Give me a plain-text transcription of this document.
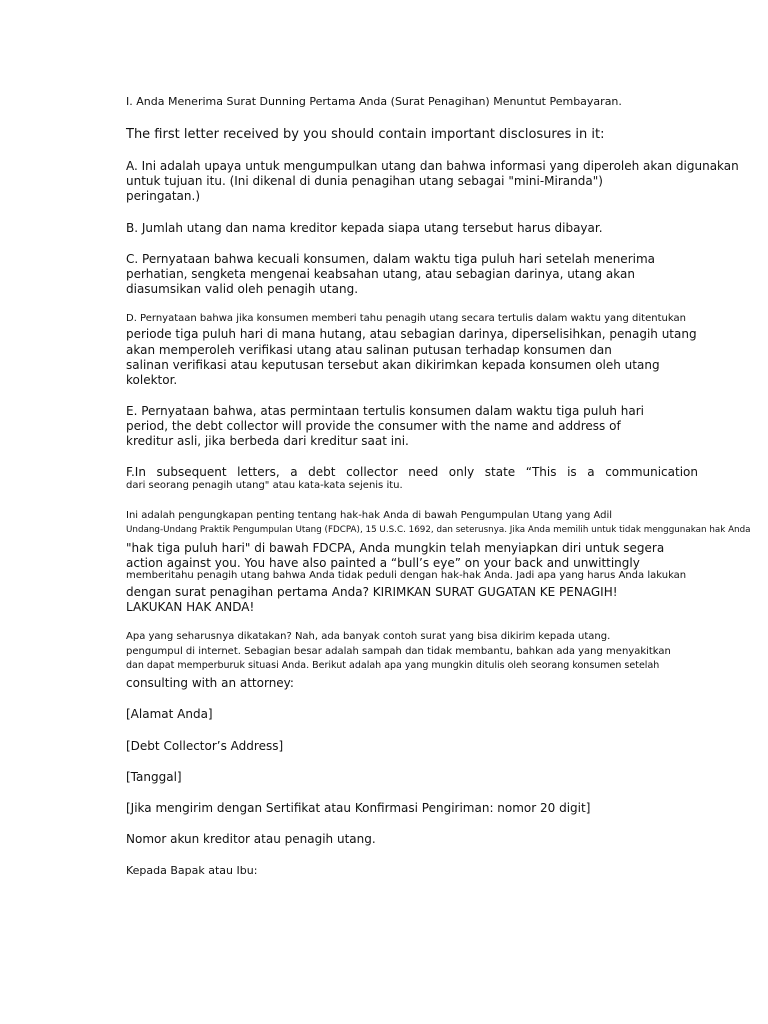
I. Anda Menerima Surat Dunning Pertama Anda (Surat Penagihan) Menuntut Pembayaran.

The first letter received by you should contain important disclosures in it:

A. Ini adalah upaya untuk mengumpulkan utang dan bahwa informasi yang diperoleh akan digunakan

untuk tujuan itu. (Ini dikenal di dunia penagihan utang sebagai "mini-Miranda")

peringatan.)

B. Jumlah utang dan nama kreditor kepada siapa utang tersebut harus dibayar.

C. Pernyataan bahwa kecuali konsumen, dalam waktu tiga puluh hari setelah menerima

perhatian, sengketa mengenai keabsahan utang, atau sebagian darinya, utang akan

diasumsikan valid oleh penagih utang.

D. Pernyataan bahwa jika konsumen memberi tahu penagih utang secara tertulis dalam waktu yang ditentukan

periode tiga puluh hari di mana hutang, atau sebagian darinya, diperselisihkan, penagih utang

akan memperoleh verifikasi utang atau salinan putusan terhadap konsumen dan

salinan verifikasi atau keputusan tersebut akan dikirimkan kepada konsumen oleh utang

kolektor.

E. Pernyataan bahwa, atas permintaan tertulis konsumen dalam waktu tiga puluh hari

period, the debt collector will provide the consumer with the name and address of

kreditur asli, jika berbeda dari kreditur saat ini.

F.In subsequent letters, a debt collector need only state “This is a communication

dari seorang penagih utang" atau kata-kata sejenis itu.

Ini adalah pengungkapan penting tentang hak-hak Anda di bawah Pengumpulan Utang yang Adil

Undang-Undang Praktik Pengumpulan Utang (FDCPA), 15 U.S.C. 1692, dan seterusnya. Jika Anda memilih untuk tidak menggunakan hak Anda

"hak tiga puluh hari" di bawah FDCPA, Anda mungkin telah menyiapkan diri untuk segera

action against you. You have also painted a “bull’s eye” on your back and unwittingly

memberitahu penagih utang bahwa Anda tidak peduli dengan hak-hak Anda. Jadi apa yang harus Anda lakukan

dengan surat penagihan pertama Anda? KIRIMKAN SURAT GUGATAN KE PENAGIH!

LAKUKAN HAK ANDA!

Apa yang seharusnya dikatakan? Nah, ada banyak contoh surat yang bisa dikirim kepada utang.

pengumpul di internet. Sebagian besar adalah sampah dan tidak membantu, bahkan ada yang menyakitkan

dan dapat memperburuk situasi Anda. Berikut adalah apa yang mungkin ditulis oleh seorang konsumen setelah

consulting with an attorney:

[Alamat Anda]

[Debt Collector’s Address]

[Tanggal]

[Jika mengirim dengan Sertifikat atau Konfirmasi Pengiriman: nomor 20 digit]

Nomor akun kreditor atau penagih utang.

Kepada Bapak atau Ibu:
